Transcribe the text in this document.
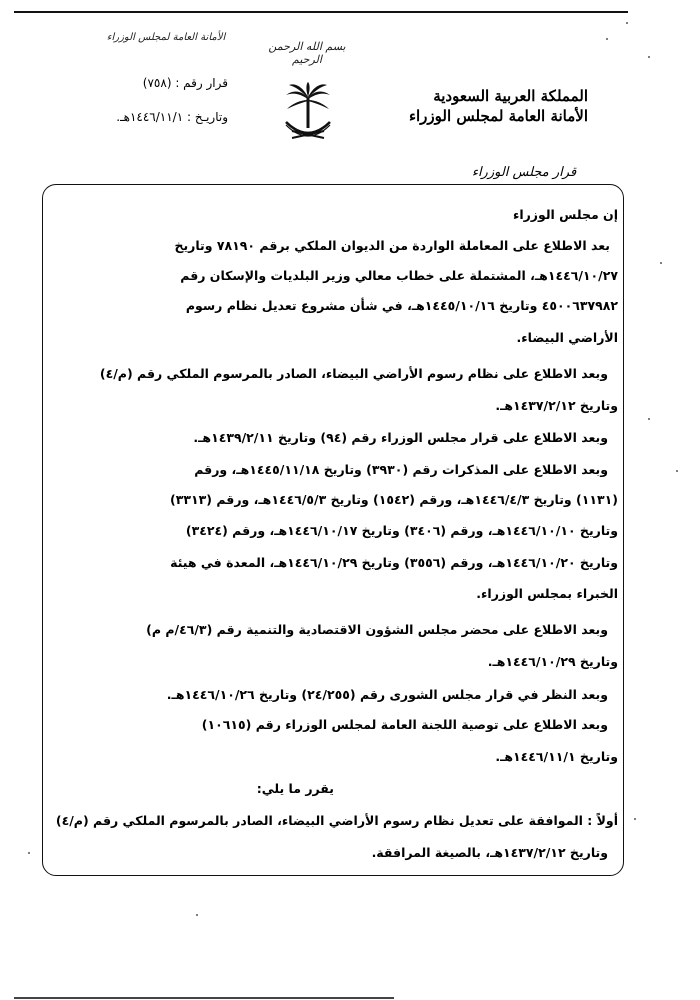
الأمانة العامة لمجلس الوزراء
بسم الله الرحمن الرحيم
قرار رقم : (٧٥٨)
وتاريـخ : ١٤٤٦/١١/١هـ.
المملكة العربية السعودية
الأمانة العامة لمجلس الوزراء
قرار مجلس الوزراء
إن مجلس الوزراء
بعد الاطلاع على المعاملة الواردة من الديوان الملكي برقم ٧٨١٩٠ وتاريخ
١٤٤٦/١٠/٢٧هـ، المشتملة على خطاب معالي وزير البلديات والإسكان رقم
٤٥٠٠٦٣٧٩٨٢ وتاريخ ١٤٤٥/١٠/١٦هـ، في شأن مشروع تعديل نظام رسوم
الأراضي البيضاء.
وبعد الاطلاع على نظام رسوم الأراضي البيضاء، الصادر بالمرسوم الملكي رقم (م/٤)
وتاريخ ١٤٣٧/٢/١٢هـ.
وبعد الاطلاع على قرار مجلس الوزراء رقم (٩٤) وتاريخ ١٤٣٩/٢/١١هـ.
وبعد الاطلاع على المذكرات رقم (٣٩٣٠) وتاريخ ١٤٤٥/١١/١٨هـ، ورقم
(١١٣١) وتاريخ ١٤٤٦/٤/٣هـ، ورقم (١٥٤٢) وتاريخ ١٤٤٦/٥/٣هـ، ورقم (٣٣١٣)
وتاريخ ١٤٤٦/١٠/١٠هـ، ورقم (٣٤٠٦) وتاريخ ١٤٤٦/١٠/١٧هـ، ورقم (٣٤٢٤)
وتاريخ ١٤٤٦/١٠/٢٠هـ، ورقم (٣٥٥٦) وتاريخ ١٤٤٦/١٠/٢٩هـ، المعدة في هيئة
الخبراء بمجلس الوزراء.
وبعد الاطلاع على محضر مجلس الشؤون الاقتصادية والتنمية رقم (٤٦/٣/م م)
وتاريخ ١٤٤٦/١٠/٢٩هـ.
وبعد النظر في قرار مجلس الشورى رقم (٢٤/٢٥٥) وتاريخ ١٤٤٦/١٠/٢٦هـ.
وبعد الاطلاع على توصية اللجنة العامة لمجلس الوزراء رقم (١٠٦١٥)
وتاريخ ١٤٤٦/١١/١هـ.
يقرر ما يلي:
أولاً : الموافقة على تعديل نظام رسوم الأراضي البيضاء، الصادر بالمرسوم الملكي رقم (م/٤)
وتاريخ ١٤٣٧/٢/١٢هـ، بالصيغة المرافقة.
